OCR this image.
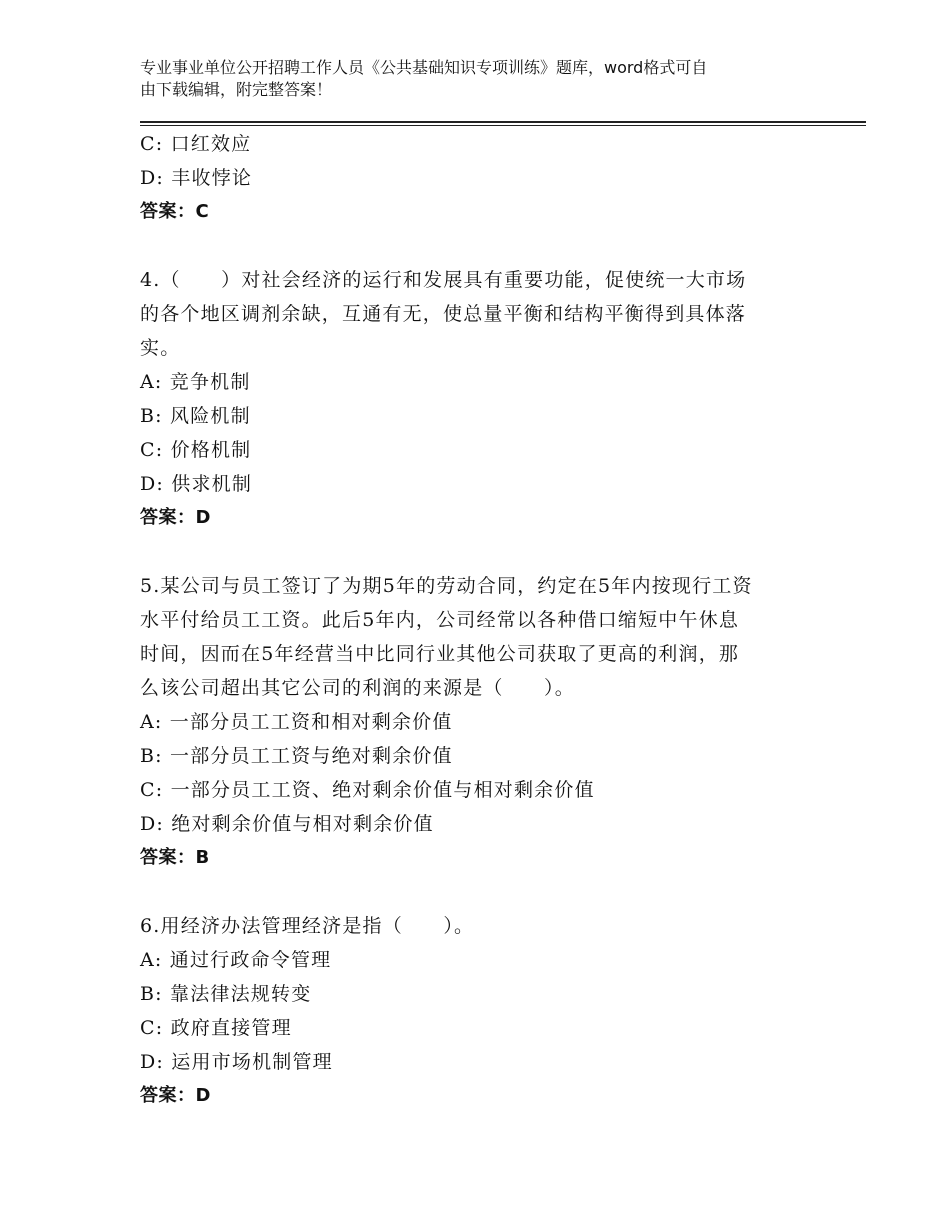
专业事业单位公开招聘工作人员《公共基础知识专项训练》题库，word格式可自
由下载编辑，附完整答案！
C: 口红效应
D: 丰收悖论
答案：C
4.（　　）对社会经济的运行和发展具有重要功能，促使统一大市场
的各个地区调剂余缺，互通有无，使总量平衡和结构平衡得到具体落
实。
A: 竞争机制
B: 风险机制
C: 价格机制
D: 供求机制
答案：D
5.某公司与员工签订了为期5年的劳动合同，约定在5年内按现行工资
水平付给员工工资。此后5年内，公司经常以各种借口缩短中午休息
时间，因而在5年经营当中比同行业其他公司获取了更高的利润，那
么该公司超出其它公司的利润的来源是（　　）。
A: 一部分员工工资和相对剩余价值
B: 一部分员工工资与绝对剩余价值
C: 一部分员工工资、绝对剩余价值与相对剩余价值
D: 绝对剩余价值与相对剩余价值
答案：B
6.用经济办法管理经济是指（　　）。
A: 通过行政命令管理
B: 靠法律法规转变
C: 政府直接管理
D: 运用市场机制管理
答案：D
